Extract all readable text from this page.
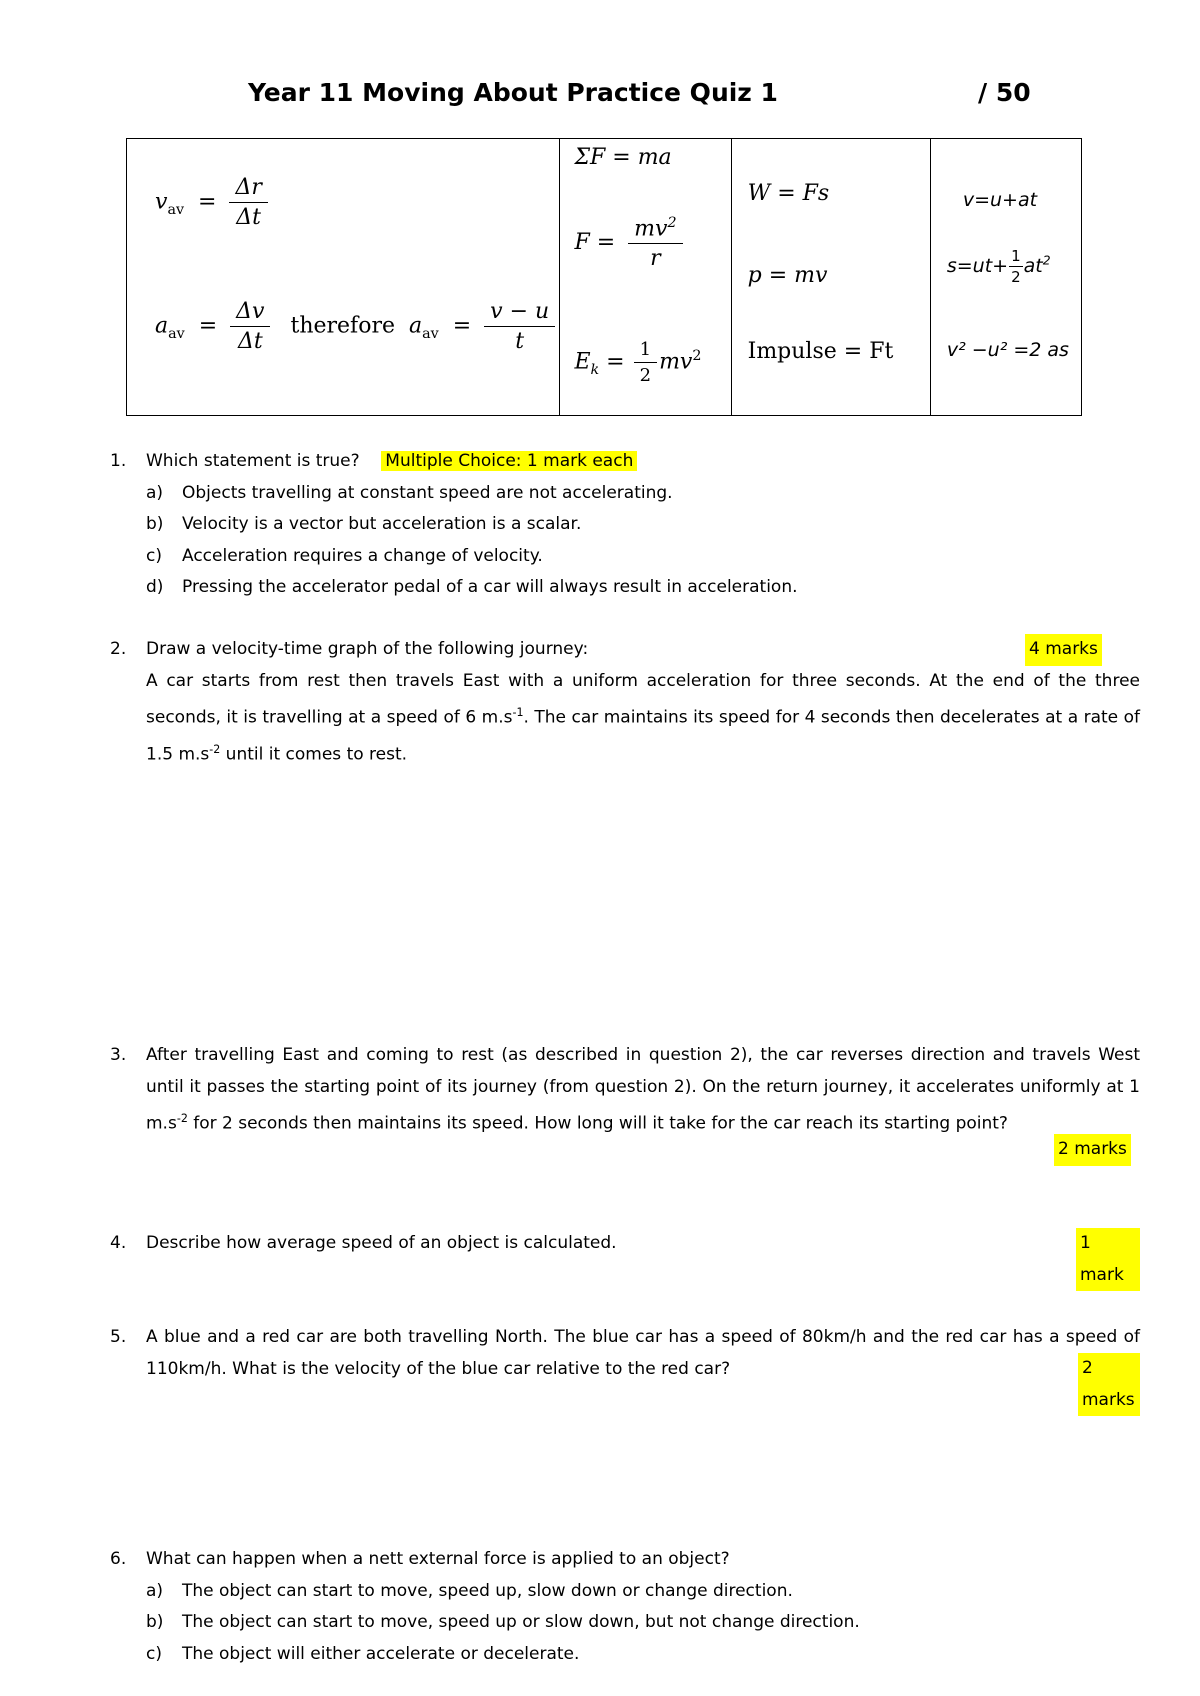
Year 11 Moving About Practice Quiz 1	/ 50
$v_{av} = \frac{\Delta r}{\Delta t}$
$a_{av} = \frac{\Delta v}{\Delta t}$ therefore $a_{av} = \frac{v - u}{t}$

ΣF = ma
$F = \frac{mv^2}{r}$
$E_k = \frac{1}{2} mv^2$

W = Fs
p = mv
Impulse = Ft

v=u+at
$s=ut+ \frac{1}{2} at^2$
v² −u² =2 as
1.	Which statement is true? Multiple Choice: 1 mark each
a) Objects travelling at constant speed are not accelerating.
b) Velocity is a vector but acceleration is a scalar.
c) Acceleration requires a change of velocity.
d) Pressing the accelerator pedal of a car will always result in acceleration.
2.	Draw a velocity-time graph of the following journey:	4 marks
A car starts from rest then travels East with a uniform acceleration for three seconds. At the end of the three seconds, it is travelling at a speed of 6 $m.s^{-1}$. The car maintains its speed for 4 seconds then decelerates at a rate of 1.5 $m.s^{-2}$ until it comes to rest.
3.	After travelling East and coming to rest (as described in question 2), the car reverses direction and travels West until it passes the starting point of its journey (from question 2). On the return journey, it accelerates uniformly at 1 $m.s^{-2}$ for 2 seconds then maintains its speed. How long will it take for the car reach its starting point?
2 marks
4.	Describe how average speed of an object is calculated.	1 mark
5.	A blue and a red car are both travelling North. The blue car has a speed of 80km/h and the red car has a speed of 110km/h. What is the velocity of the blue car relative to the red car?	2 marks
6.	What can happen when a nett external force is applied to an object?
a) The object can start to move, speed up, slow down or change direction.
b) The object can start to move, speed up or slow down, but not change direction.
c) The object will either accelerate or decelerate.
